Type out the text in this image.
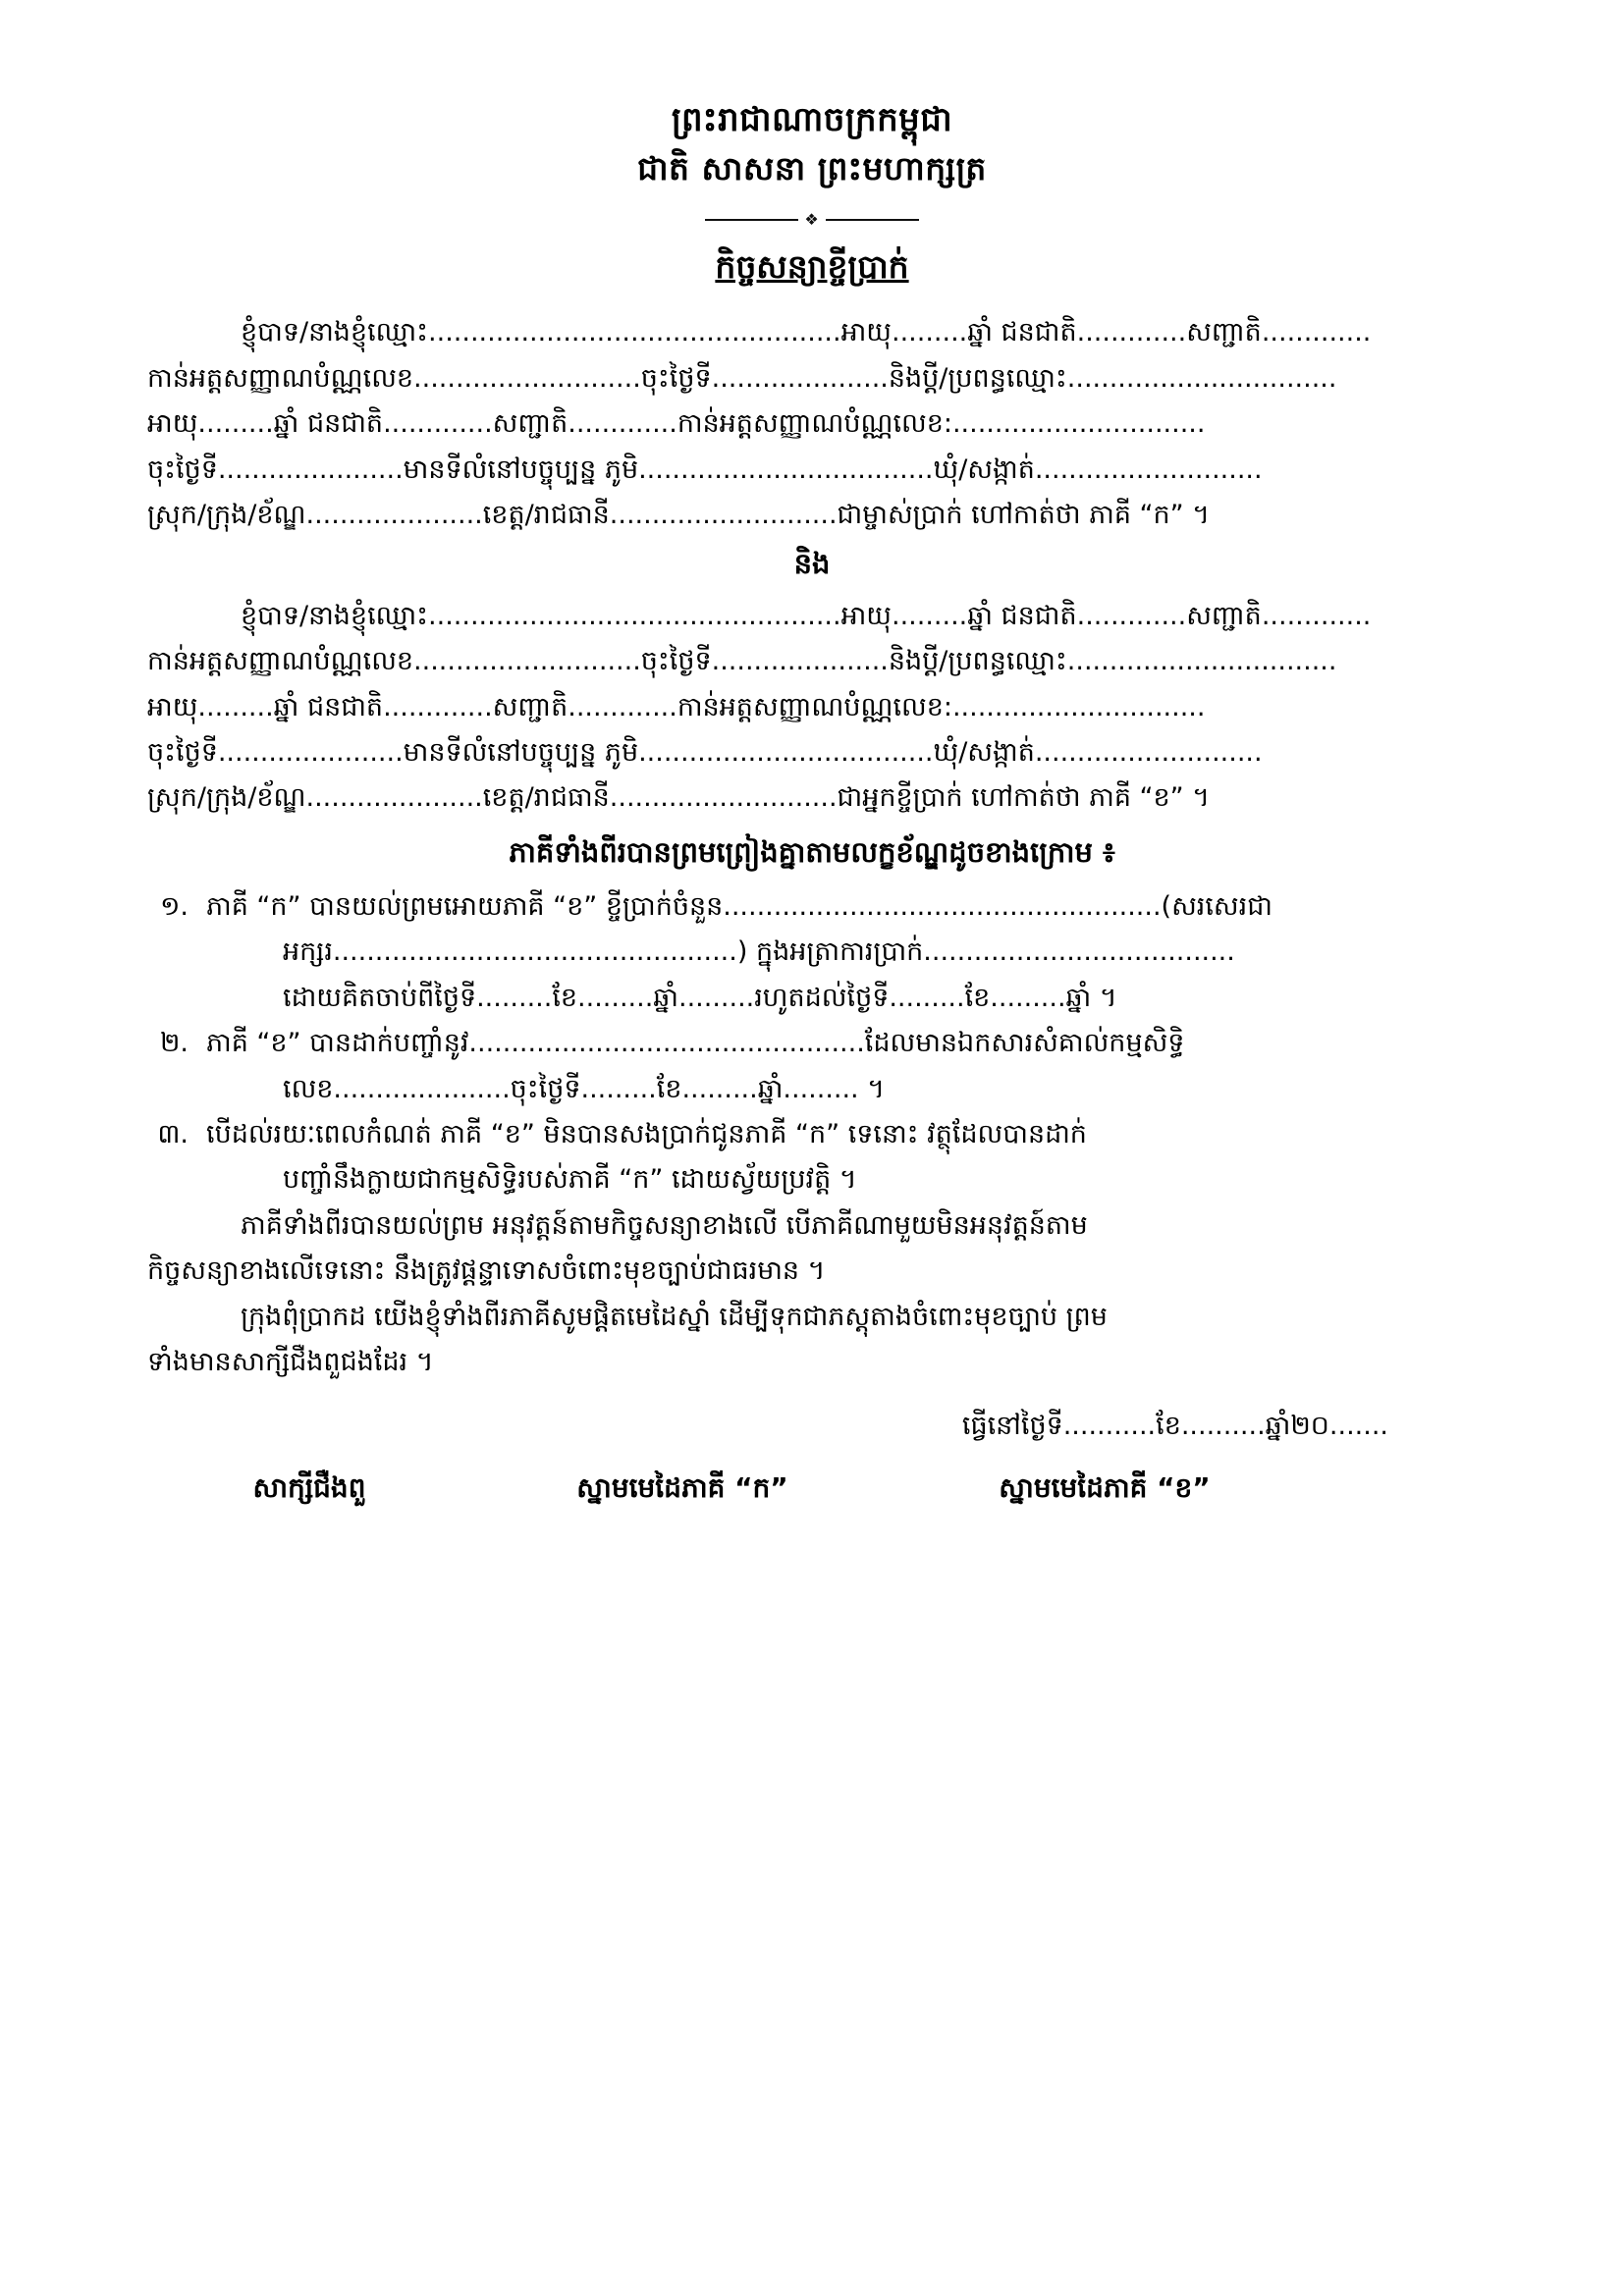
ព្រះរាជាណាចក្រកម្ពុជា
ជាតិ សាសនា ព្រះមហាក្សត្រ
❖
កិច្ចសន្យាខ្ចីប្រាក់
ខ្ញុំបាទ/នាងខ្ញុំឈ្មោះ.................................................អាយុ.........ឆ្នាំ ជនជាតិ.............សញ្ជាតិ.............
កាន់អត្តសញ្ញាណបំណ្ណលេខ...........................ចុះថ្ងៃទី.....................និងប្ដី/ប្រពន្ធឈ្មោះ................................
អាយុ.........ឆ្នាំ ជនជាតិ.............សញ្ជាតិ.............កាន់អត្តសញ្ញាណបំណ្ណលេខ:..............................
ចុះថ្ងៃទី......................មានទីលំនៅបច្ចុប្បន្ន ភូមិ...................................ឃុំ/សង្កាត់...........................
ស្រុក/ក្រុង/ខ័ណ្ឌ.....................ខេត្ត/រាជធានី...........................ជាម្ចាស់ប្រាក់ ហៅកាត់ថា ភាគី “ក” ។
និង
ខ្ញុំបាទ/នាងខ្ញុំឈ្មោះ.................................................អាយុ.........ឆ្នាំ ជនជាតិ.............សញ្ជាតិ.............
កាន់អត្តសញ្ញាណបំណ្ណលេខ...........................ចុះថ្ងៃទី.....................និងប្ដី/ប្រពន្ធឈ្មោះ................................
អាយុ.........ឆ្នាំ ជនជាតិ.............សញ្ជាតិ.............កាន់អត្តសញ្ញាណបំណ្ណលេខ:..............................
ចុះថ្ងៃទី......................មានទីលំនៅបច្ចុប្បន្ន ភូមិ...................................ឃុំ/សង្កាត់...........................
ស្រុក/ក្រុង/ខ័ណ្ឌ.....................ខេត្ត/រាជធានី...........................ជាអ្នកខ្ចីប្រាក់ ហៅកាត់ថា ភាគី “ខ” ។
ភាគីទាំងពីរបានព្រមព្រៀងគ្នាតាមលក្ខខ័ណ្ឌដូចខាងក្រោម ៖
១. ភាគី “ក” បានយល់ព្រមអោយភាគី “ខ” ខ្ចីប្រាក់ចំនួន....................................................(សរសេរជា
អក្សរ................................................) ក្នុងអត្រាការប្រាក់.....................................
ដោយគិតចាប់ពីថ្ងៃទី.........ខែ.........ឆ្នាំ.........រហូតដល់ថ្ងៃទី.........ខែ.........ឆ្នាំ ។
២. ភាគី “ខ” បានដាក់បញ្ចាំនូវ...............................................ដែលមានឯកសារសំគាល់កម្មសិទ្ធិ
លេខ.....................ចុះថ្ងៃទី.........ខែ.........ឆ្នាំ......... ។
៣. បើដល់រយៈពេលកំណត់ ភាគី “ខ” មិនបានសងប្រាក់ជូនភាគី “ក” ទេនោះ វត្ថុដែលបានដាក់
បញ្ចាំនឹងក្លាយជាកម្មសិទ្ធិរបស់ភាគី “ក” ដោយស្វ័យប្រវត្តិ ។
ភាគីទាំងពីរបានយល់ព្រម អនុវត្តន៍តាមកិច្ចសន្យាខាងលើ បើភាគីណាមួយមិនអនុវត្តន៍តាម
កិច្ចសន្យាខាងលើទេនោះ នឹងត្រូវផ្តន្ទាទោសចំពោះមុខច្បាប់ជាធរមាន ។
ក្រុងពុំប្រាកដ យើងខ្ញុំទាំងពីរភាគីសូមផ្តិតមេដៃស្នាំ ដើម្បីទុកជាភស្តុតាងចំពោះមុខច្បាប់ ព្រម
ទាំងមានសាក្សីជឺងពួជងដែរ ។
ធ្វើនៅថ្ងៃទី...........ខែ..........ឆ្នាំ២០.......
សាក្សីជឺងពួ	ស្នាមមេដៃភាគី “ក”	ស្នាមមេដៃភាគី “ខ”
